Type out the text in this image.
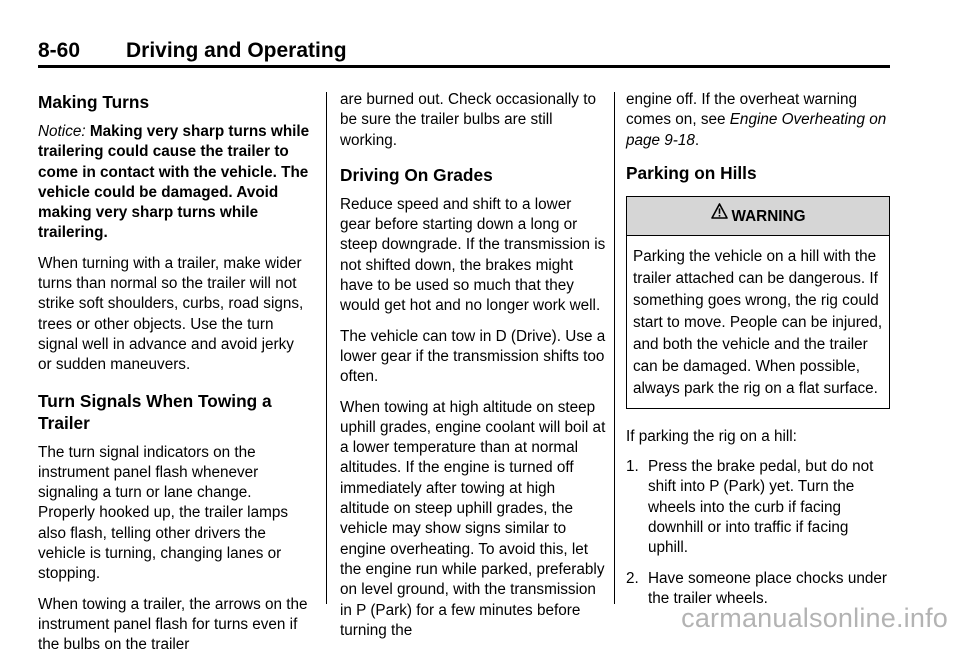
8-60 Driving and Operating
Making Turns

Notice: Making very sharp turns while trailering could cause the trailer to come in contact with the vehicle. The vehicle could be damaged. Avoid making very sharp turns while trailering.

When turning with a trailer, make wider turns than normal so the trailer will not strike soft shoulders, curbs, road signs, trees or other objects. Use the turn signal well in advance and avoid jerky or sudden maneuvers.

Turn Signals When Towing a Trailer

The turn signal indicators on the instrument panel flash whenever signaling a turn or lane change. Properly hooked up, the trailer lamps also flash, telling other drivers the vehicle is turning, changing lanes or stopping.

When towing a trailer, the arrows on the instrument panel flash for turns even if the bulbs on the trailer

are burned out. Check occasionally to be sure the trailer bulbs are still working.

Driving On Grades

Reduce speed and shift to a lower gear before starting down a long or steep downgrade. If the transmission is not shifted down, the brakes might have to be used so much that they would get hot and no longer work well.

The vehicle can tow in D (Drive). Use a lower gear if the transmission shifts too often.

When towing at high altitude on steep uphill grades, engine coolant will boil at a lower temperature than at normal altitudes. If the engine is turned off immediately after towing at high altitude on steep uphill grades, the vehicle may show signs similar to engine overheating. To avoid this, let the engine run while parked, preferably on level ground, with the transmission in P (Park) for a few minutes before turning the

engine off. If the overheat warning comes on, see Engine Overheating on page 9-18.

Parking on Hills
WARNING
Parking the vehicle on a hill with the trailer attached can be dangerous. If something goes wrong, the rig could start to move. People can be injured, and both the vehicle and the trailer can be damaged. When possible, always park the rig on a flat surface.

If parking the rig on a hill:

1. Press the brake pedal, but do not shift into P (Park) yet. Turn the wheels into the curb if facing downhill or into traffic if facing uphill.
2. Have someone place chocks under the trailer wheels.
carmanualsonline.info
